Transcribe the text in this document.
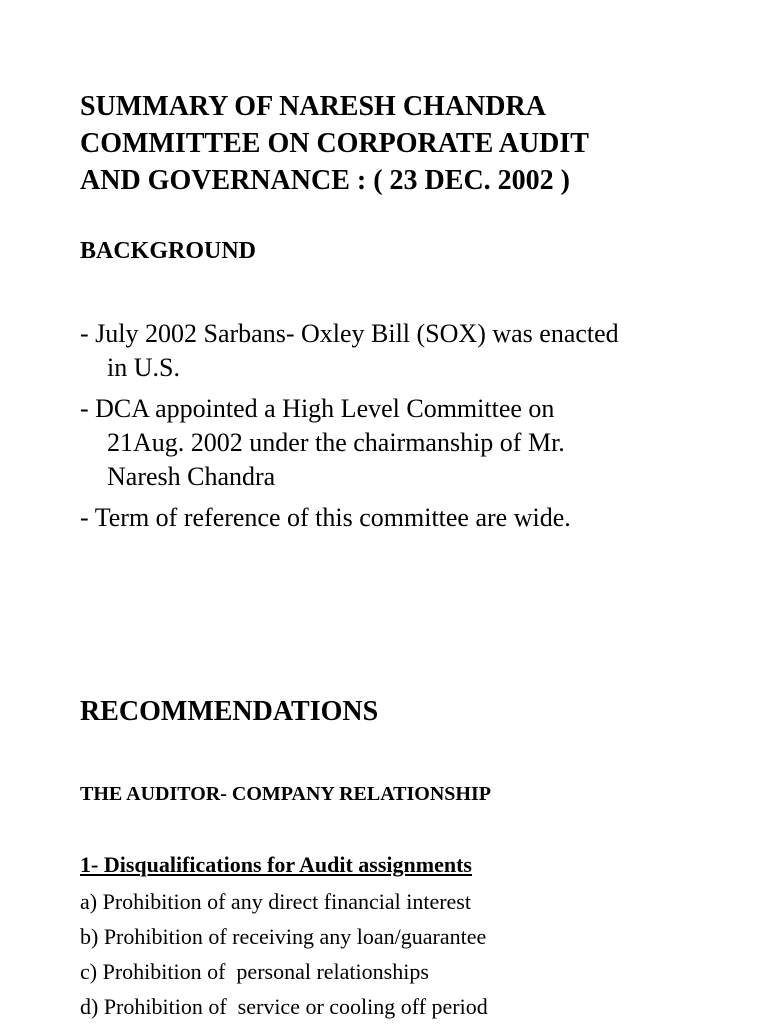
SUMMARY OF NARESH CHANDRA
COMMITTEE ON CORPORATE AUDIT
AND GOVERNANCE : ( 23 DEC. 2002 )
BACKGROUND
- July 2002 Sarbans- Oxley Bill (SOX) was enacted
in U.S.
- DCA appointed a High Level Committee on
21Aug. 2002 under the chairmanship of Mr.
Naresh Chandra
- Term of reference of this committee are wide.
RECOMMENDATIONS
THE AUDITOR- COMPANY RELATIONSHIP
1- Disqualifications for Audit assignments
a) Prohibition of any direct financial interest
b) Prohibition of receiving any loan/guarantee
c) Prohibition of  personal relationships
d) Prohibition of  service or cooling off period
